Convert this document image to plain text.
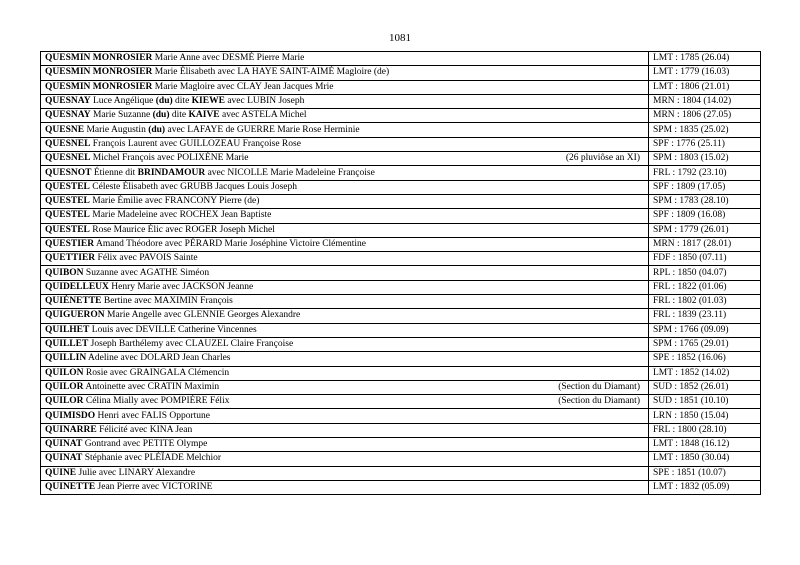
1081
QUESMIN MONROSIER Marie Anne avec DESMÉ Pierre Marie	LMT : 1785 (26.04)
QUESMIN MONROSIER Marie Élisabeth avec LA HAYE SAINT-AIMÉ Magloire (de)	LMT : 1779 (16.03)
QUESMIN MONROSIER Marie Magloire avec CLAY Jean Jacques Mrie	LMT : 1806 (21.01)
QUESNAY Luce Angélique (du) dite KIEWE avec LUBIN Joseph	MRN : 1804 (14.02)
QUESNAY Marie Suzanne (du) dite KAIVE avec ASTELA Michel	MRN : 1806 (27.05)
QUESNE Marie Augustin (du) avec LAFAYE de GUERRE Marie Rose Herminie	SPM : 1835 (25.02)
QUESNEL François Laurent avec GUILLOZEAU Françoise Rose	SPF : 1776 (25.11)
QUESNEL Michel François avec POLIXÈNE Marie (26 pluviôse an XI)	SPM : 1803 (15.02)
QUESNOT Étienne dit BRINDAMOUR avec NICOLLE Marie Madeleine Françoise	FRL : 1792 (23.10)
QUESTEL Céleste Élisabeth avec GRUBB Jacques Louis Joseph	SPF : 1809 (17.05)
QUESTEL Marie Émilie avec FRANCONY Pierre (de)	SPM : 1783 (28.10)
QUESTEL Marie Madeleine avec ROCHEX Jean Baptiste	SPF : 1809 (16.08)
QUESTEL Rose Maurice Élic avec ROGER Joseph Michel	SPM : 1779 (26.01)
QUESTIER Amand Théodore avec PÉRARD Marie Joséphine Victoire Clémentine	MRN : 1817 (28.01)
QUETTIER Félix avec PAVOIS Sainte	FDF : 1850 (07.11)
QUIBON Suzanne avec AGATHE Siméon	RPL : 1850 (04.07)
QUIDELLEUX Henry Marie avec JACKSON Jeanne	FRL : 1822 (01.06)
QUIÉNETTE Bertine avec MAXIMIN François	FRL : 1802 (01.03)
QUIGUERON Marie Angelle avec GLENNIE Georges Alexandre	FRL : 1839 (23.11)
QUILHET Louis avec DEVILLE Catherine Vincennes	SPM : 1766 (09.09)
QUILLET Joseph Barthélemy avec CLAUZEL Claire Françoise	SPM : 1765 (29.01)
QUILLIN Adeline avec DOLARD Jean Charles	SPE : 1852 (16.06)
QUILON Rosie avec GRAINGALA Clémencin	LMT : 1852 (14.02)
QUILOR Antoinette avec CRATIN Maximin (Section du Diamant)	SUD : 1852 (26.01)
QUILOR Célina Mially avec POMPIÈRE Félix (Section du Diamant)	SUD : 1851 (10.10)
QUIMISDO Henri avec FALIS Opportune	LRN : 1850 (15.04)
QUINARRE Félicité avec KINA Jean	FRL : 1800 (28.10)
QUINAT Gontrand avec PETITE Olympe	LMT : 1848 (16.12)
QUINAT Stéphanie avec PLÉÏADE Melchior	LMT : 1850 (30.04)
QUINE Julie avec LINARY Alexandre	SPE : 1851 (10.07)
QUINETTE Jean Pierre avec VICTORINE	LMT : 1832 (05.09)
